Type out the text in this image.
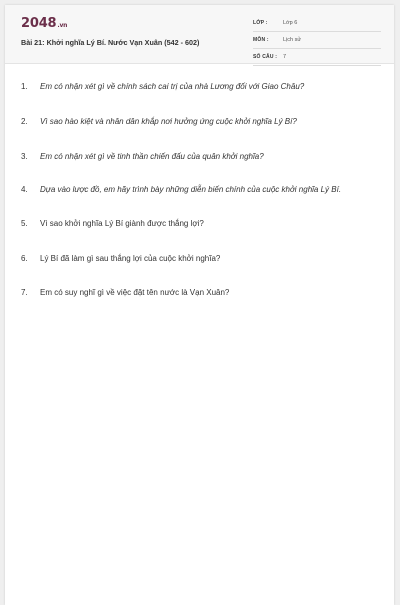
2048.vn
Bài 21: Khởi nghĩa Lý Bí. Nước Vạn Xuân (542 - 602)
LỚP :	Lớp 6
MÔN :	Lịch sử
SỐ CÂU : 7
1.	Em có nhận xét gì về chính sách cai trị của nhà Lương đối với Giao Châu?
2.	Vì sao hào kiệt và nhân dân khắp nơi hưởng ứng cuộc khởi nghĩa Lý Bí?
3.	Em có nhận xét gì về tinh thần chiến đấu của quân khởi nghĩa?
4.	Dựa vào lược đồ, em hãy trình bày những diễn biến chính của cuộc khởi nghĩa Lý Bí.
5.	Vì sao khởi nghĩa Lý Bí giành được thắng lợi?
6.	Lý Bí đã làm gì sau thắng lợi của cuộc khởi nghĩa?
7.	Em có suy nghĩ gì về việc đặt tên nước là Vạn Xuân?
